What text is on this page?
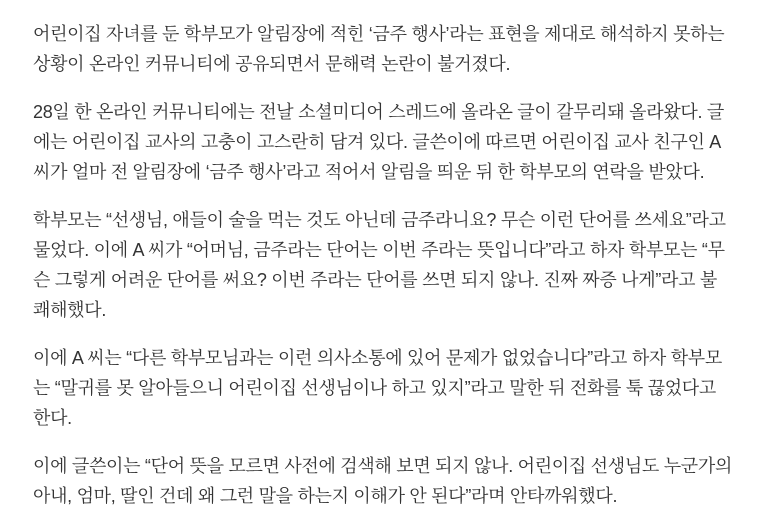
어린이집 자녀를 둔 학부모가 알림장에 적힌 ‘금주 행사’라는 표현을 제대로 해석하지 못하는 상황이 온라인 커뮤니티에 공유되면서 문해력 논란이 불거졌다.

28일 한 온라인 커뮤니티에는 전날 소셜미디어 스레드에 올라온 글이 갈무리돼 올라왔다. 글에는 어린이집 교사의 고충이 고스란히 담겨 있다. 글쓴이에 따르면 어린이집 교사 친구인 A 씨가 얼마 전 알림장에 ‘금주 행사’라고 적어서 알림을 띄운 뒤 한 학부모의 연락을 받았다.

학부모는 “선생님, 애들이 술을 먹는 것도 아닌데 금주라니요? 무슨 이런 단어를 쓰세요”라고 물었다. 이에 A 씨가 “어머님, 금주라는 단어는 이번 주라는 뜻입니다”라고 하자 학부모는 “무슨 그렇게 어려운 단어를 써요? 이번 주라는 단어를 쓰면 되지 않나. 진짜 짜증 나게”라고 불쾌해했다.

이에 A 씨는 “다른 학부모님과는 이런 의사소통에 있어 문제가 없었습니다”라고 하자 학부모는 “말귀를 못 알아들으니 어린이집 선생님이나 하고 있지”라고 말한 뒤 전화를 툭 끊었다고 한다.

이에 글쓴이는 “단어 뜻을 모르면 사전에 검색해 보면 되지 않나. 어린이집 선생님도 누군가의 아내, 엄마, 딸인 건데 왜 그런 말을 하는지 이해가 안 된다”라며 안타까워했다.
